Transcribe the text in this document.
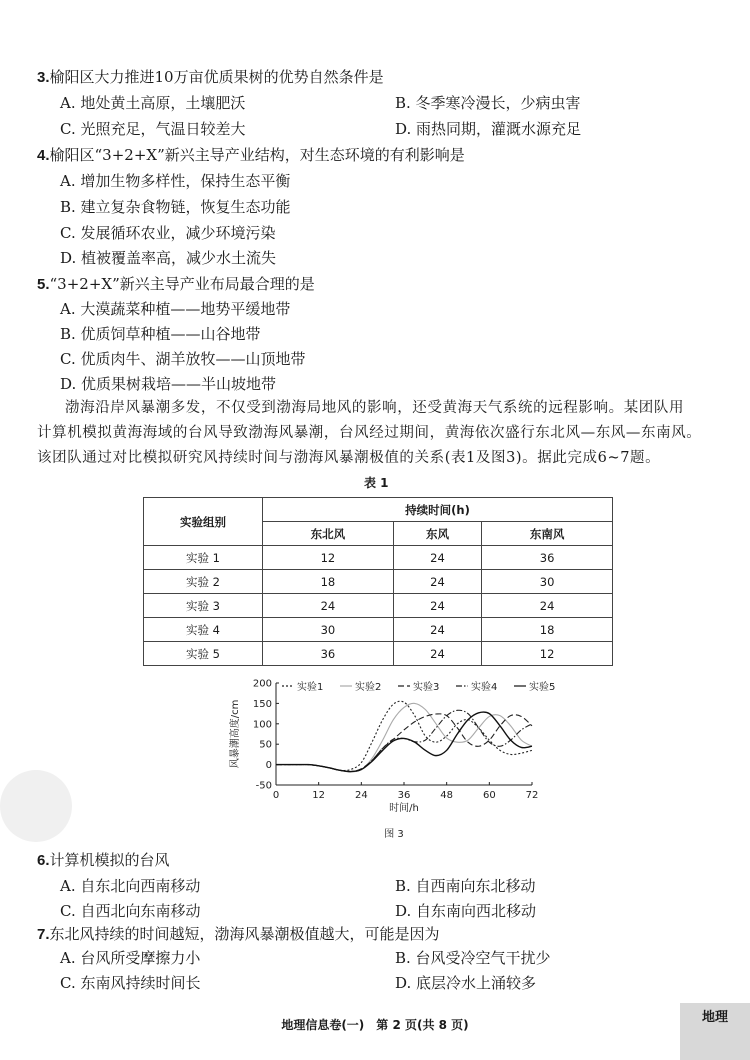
3.榆阳区大力推进10万亩优质果树的优势自然条件是
A. 地处黄土高原，土壤肥沃	B. 冬季寒冷漫长，少病虫害
C. 光照充足，气温日较差大	D. 雨热同期，灌溉水源充足
4.榆阳区“3+2+X”新兴主导产业结构，对生态环境的有利影响是
A. 增加生物多样性，保持生态平衡
B. 建立复杂食物链，恢复生态功能
C. 发展循环农业，减少环境污染
D. 植被覆盖率高，减少水土流失
5.“3+2+X”新兴主导产业布局最合理的是
A. 大漠蔬菜种植——地势平缓地带
B. 优质饲草种植——山谷地带
C. 优质肉牛、湖羊放牧——山顶地带
D. 优质果树栽培——半山坡地带
6.计算机模拟的台风
A. 自东北向西南移动	B. 自西南向东北移动
C. 自西北向东南移动	D. 自东南向西北移动
7.东北风持续的时间越短，渤海风暴潮极值越大，可能是因为
A. 台风所受摩擦力小	B. 台风受冷空气干扰少
C. 东南风持续时间长	D. 底层冷水上涌较多
渤海沿岸风暴潮多发，不仅受到渤海局地风的影响，还受黄海天气系统的远程影响。某团队用
计算机模拟黄海海域的台风导致渤海风暴潮，台风经过期间，黄海依次盛行东北风—东风—东南风。
该团队通过对比模拟研究风持续时间与渤海风暴潮极值的关系(表1及图3)。据此完成6~7题。
表 1
实验组别	持续时间(h)		
	东北风	东风	东南风
实验 1	12	24	36
实验 2	18	24	30
实验 3	24	24	24
实验 4	30	24	18
实验 5	36	24	12
-50
0
50
100
150
200
0	12	24	36	48	60	72
时间/h
风暴潮高度/cm
实验1	实验2	实验3	实验4	实验5
图 3
地理信息卷(一)　第 2 页(共 8 页)	地理
